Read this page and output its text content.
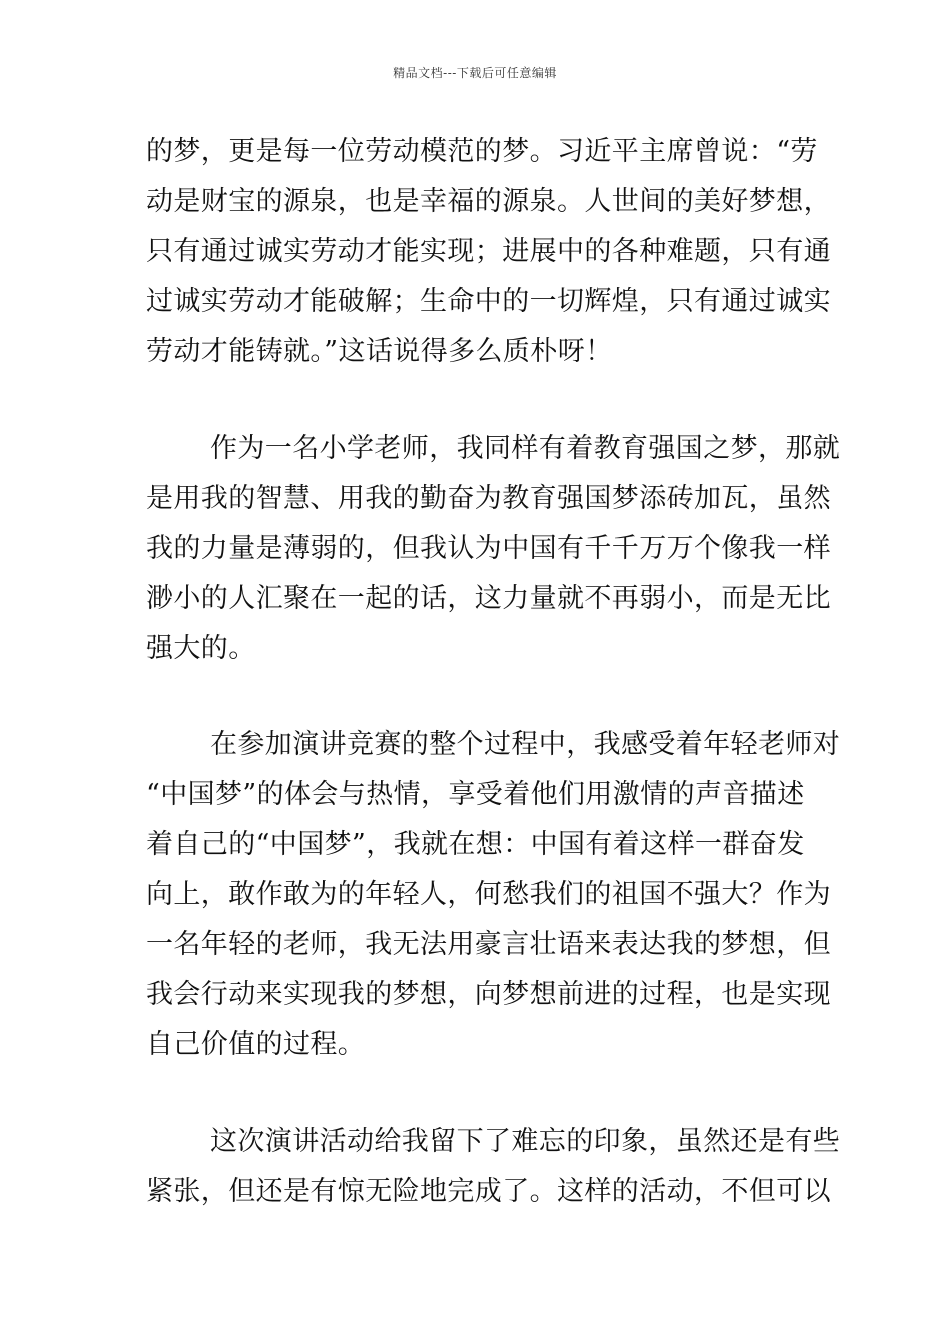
精品文档---下载后可任意编辑
的梦，更是每一位劳动模范的梦。习近平主席曾说：“劳
动是财宝的源泉，也是幸福的源泉。人世间的美好梦想，
只有通过诚实劳动才能实现；进展中的各种难题，只有通
过诚实劳动才能破解；生命中的一切辉煌，只有通过诚实
劳动才能铸就。”这话说得多么质朴呀！
作为一名小学老师，我同样有着教育强国之梦，那就
是用我的智慧、用我的勤奋为教育强国梦添砖加瓦，虽然
我的力量是薄弱的，但我认为中国有千千万万个像我一样
渺小的人汇聚在一起的话，这力量就不再弱小，而是无比
强大的。
在参加演讲竞赛的整个过程中，我感受着年轻老师对
“中国梦”的体会与热情，享受着他们用激情的声音描述
着自己的“中国梦”，我就在想：中国有着这样一群奋发
向上，敢作敢为的年轻人，何愁我们的祖国不强大？作为
一名年轻的老师，我无法用豪言壮语来表达我的梦想，但
我会行动来实现我的梦想，向梦想前进的过程，也是实现
自己价值的过程。
这次演讲活动给我留下了难忘的印象，虽然还是有些
紧张，但还是有惊无险地完成了。这样的活动，不但可以
